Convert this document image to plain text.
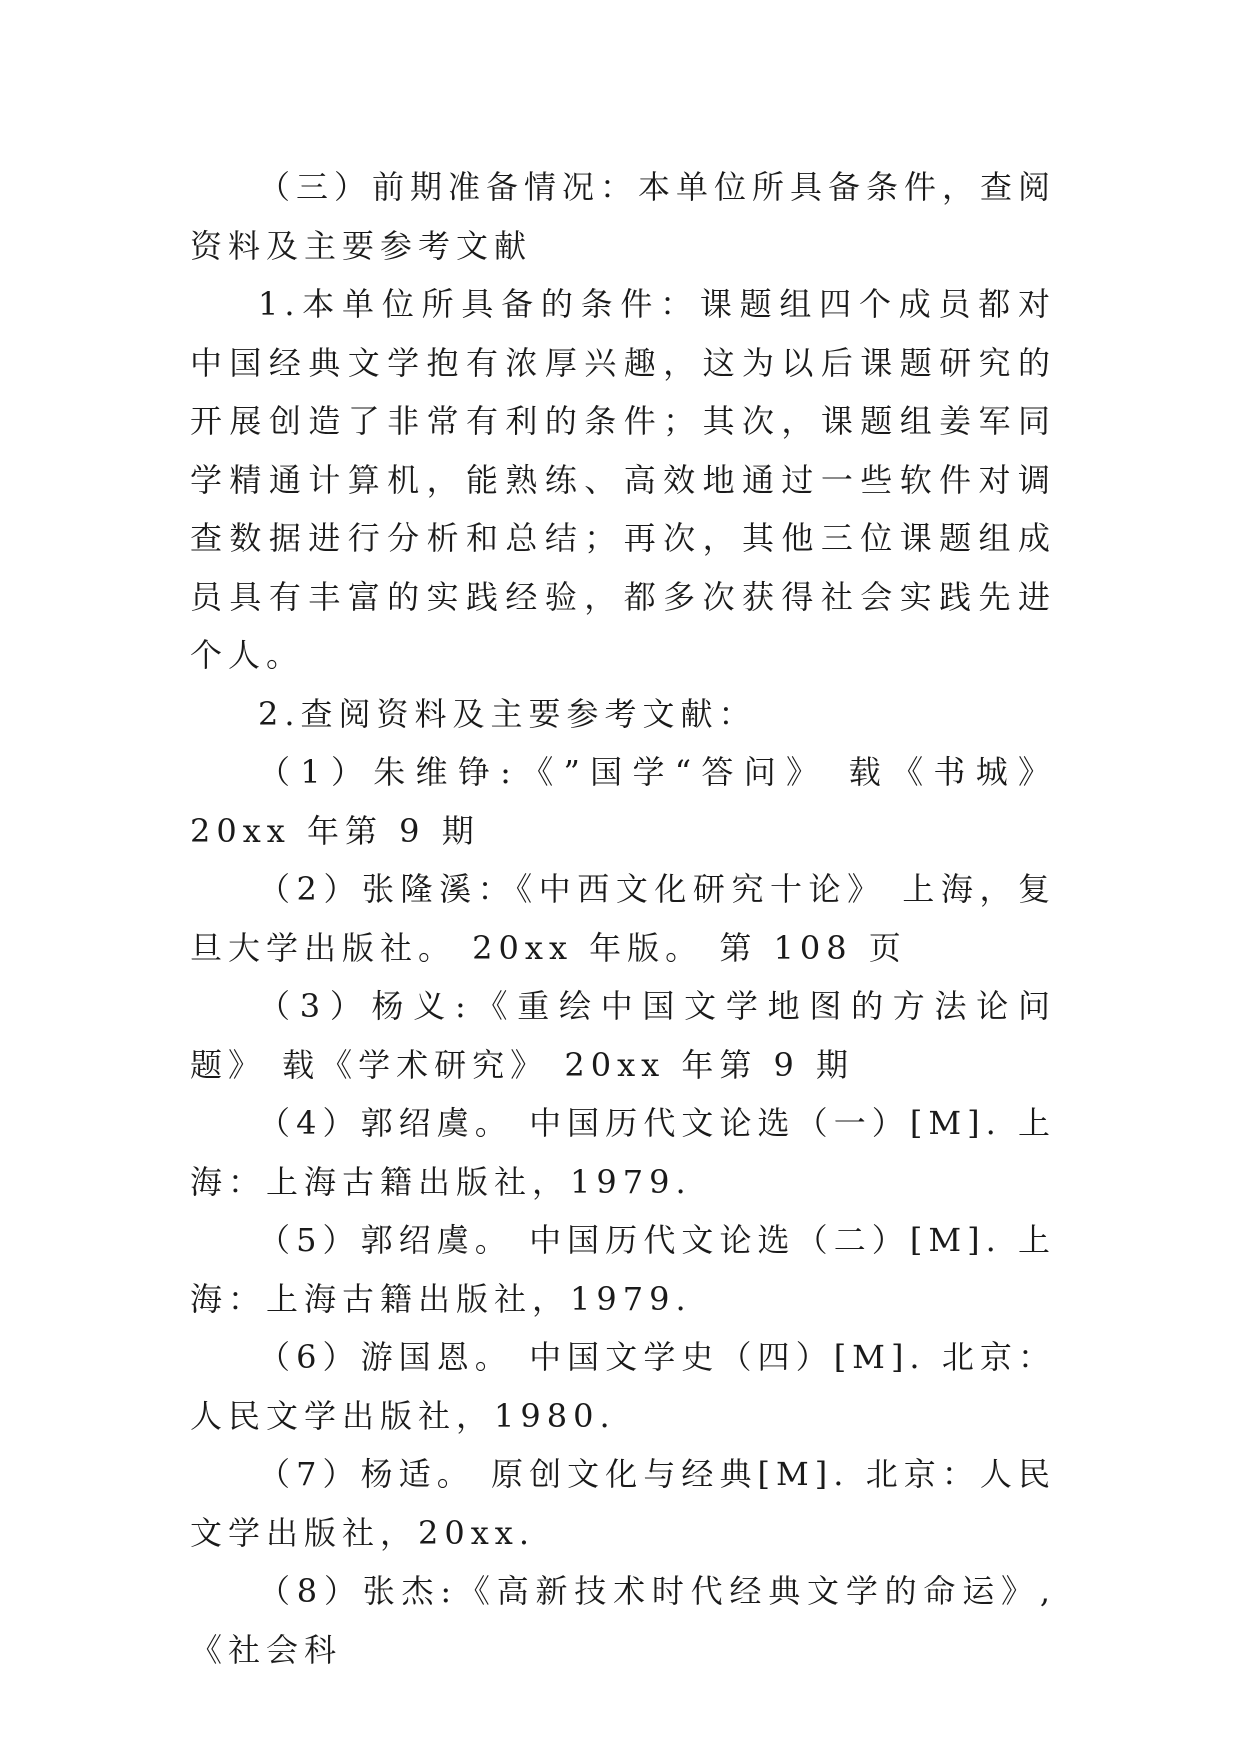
（三）前期准备情况：本单位所具备条件，查阅资料及主要参考文献

1.本单位所具备的条件：课题组四个成员都对中国经典文学抱有浓厚兴趣，这为以后课题研究的开展创造了非常有利的条件；其次，课题组姜军同学精通计算机，能熟练、高效地通过一些软件对调查数据进行分析和总结；再次，其他三位课题组成员具有丰富的实践经验，都多次获得社会实践先进个人。

2.查阅资料及主要参考文献：

（1）朱维铮:《”国学“答问》 载《书城》20xx 年第 9 期

（2）张隆溪：《中西文化研究十论》 上海，复旦大学出版社。 20xx 年版。 第 108 页

（3）杨义:《重绘中国文学地图的方法论问题》 载《学术研究》 20xx 年第 9 期

（4）郭绍虞。 中国历代文论选（一）[M]. 上海：上海古籍出版社，1979.

（5）郭绍虞。 中国历代文论选（二）[M]. 上海：上海古籍出版社，1979.

（6）游国恩。 中国文学史（四）[M]. 北京：人民文学出版社，1980.

（7）杨适。 原创文化与经典[M]. 北京：人民文学出版社，20xx.

（8）张杰:《高新技术时代经典文学的命运》,《社会科
